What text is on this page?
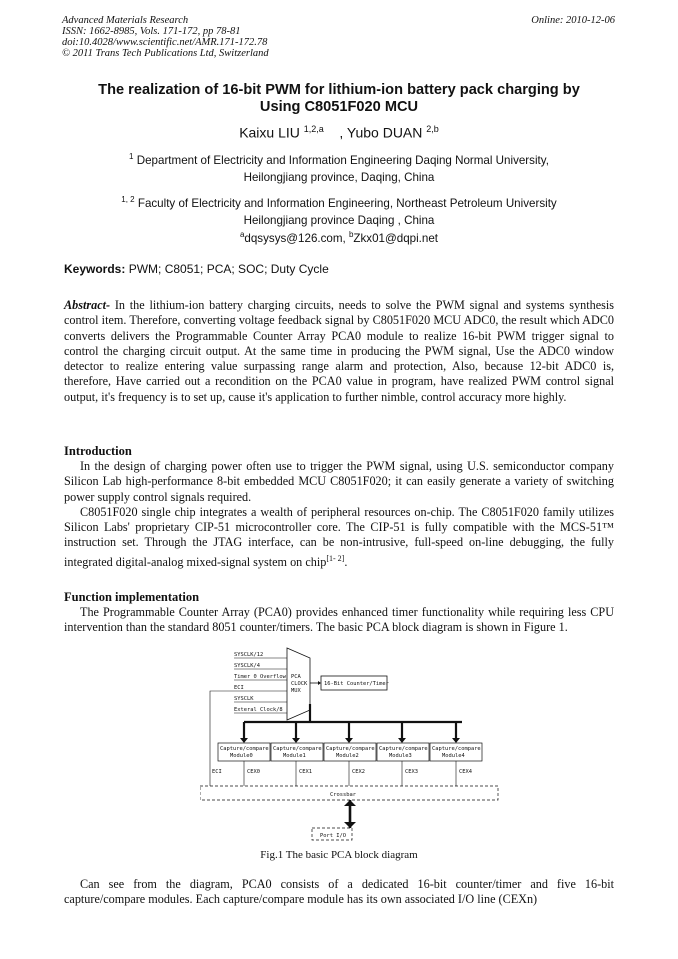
Advanced Materials Research
ISSN: 1662-8985, Vols. 171-172, pp 78-81
doi:10.4028/www.scientific.net/AMR.171-172.78
© 2011 Trans Tech Publications Ltd, Switzerland
Online: 2010-12-06
The realization of 16-bit PWM for lithium-ion battery pack charging by
Using C8051F020 MCU
Kaixu LIU $^{1,2,a}$ , Yubo DUAN $^{2,b}$
$^1$ Department of Electricity and Information Engineering Daqing Normal University,
Heilongjiang province, Daqing, China
$^{1, 2}$ Faculty of Electricity and Information Engineering, Northeast Petroleum University
Heilongjiang province Daqing , China
$^a$dqsysys@126.com, $^b$Zkx01@dqpi.net
Keywords: PWM; C8051; PCA; SOC; Duty Cycle

Abstract- In the lithium-ion battery charging circuits, needs to solve the PWM signal and systems synthesis control item. Therefore, converting voltage feedback signal by C8051F020 MCU ADC0, the result which ADC0 converts delivers the Programmable Counter Array PCA0 module to realize 16-bit PWM trigger signal to control the charging circuit output. At the same time in producing the PWM signal, Use the ADC0 window detector to realize entering value surpassing range alarm and protection, Also, because 12-bit ADC0 is, therefore, Have carried out a recondition on the PCA0 value in program, have realized PWM control signal output, it's frequency is to set up, cause it's application to further nimble, control accuracy more highly.

Introduction

In the design of charging power often use to trigger the PWM signal, using U.S. semiconductor company Silicon Lab high-performance 8-bit embedded MCU C8051F020; it can easily generate a variety of switching power supply control signals required.

C8051F020 single chip integrates a wealth of peripheral resources on-chip. The C8051F020 family utilizes Silicon Labs' proprietary CIP-51 microcontroller core. The CIP-51 is fully compatible with the MCS-51™ instruction set. Through the JTAG interface, can be non-intrusive, full-speed on-line debugging, the fully integrated digital-analog mixed-signal system on chip[1- 2].

Function implementation

The Programmable Counter Array (PCA0) provides enhanced timer functionality while requiring less CPU intervention than the standard 8051 counter/timers. The basic PCA block diagram is shown in Figure 1.

SYSCLK/12
SYSCLK/4
Timer 0 Overflow
ECI
SYSCLK
Exteral Clock/8
PCA
CLOCK
MUX
16-Bit Counter/Timer
Capture/compare
Module0
Capture/compare
Module1
Capture/compare
Module2
Capture/compare
Module3
Capture/compare
Module4
CEX0	CEX1	CEX2	CEX3	CEX4
ECI
Crossbar
Port I/O
Fig.1 The basic PCA block diagram

Can see from the diagram, PCA0 consists of a dedicated 16-bit counter/timer and five 16-bit capture/compare modules. Each capture/compare module has its own associated I/O line (CEXn)
